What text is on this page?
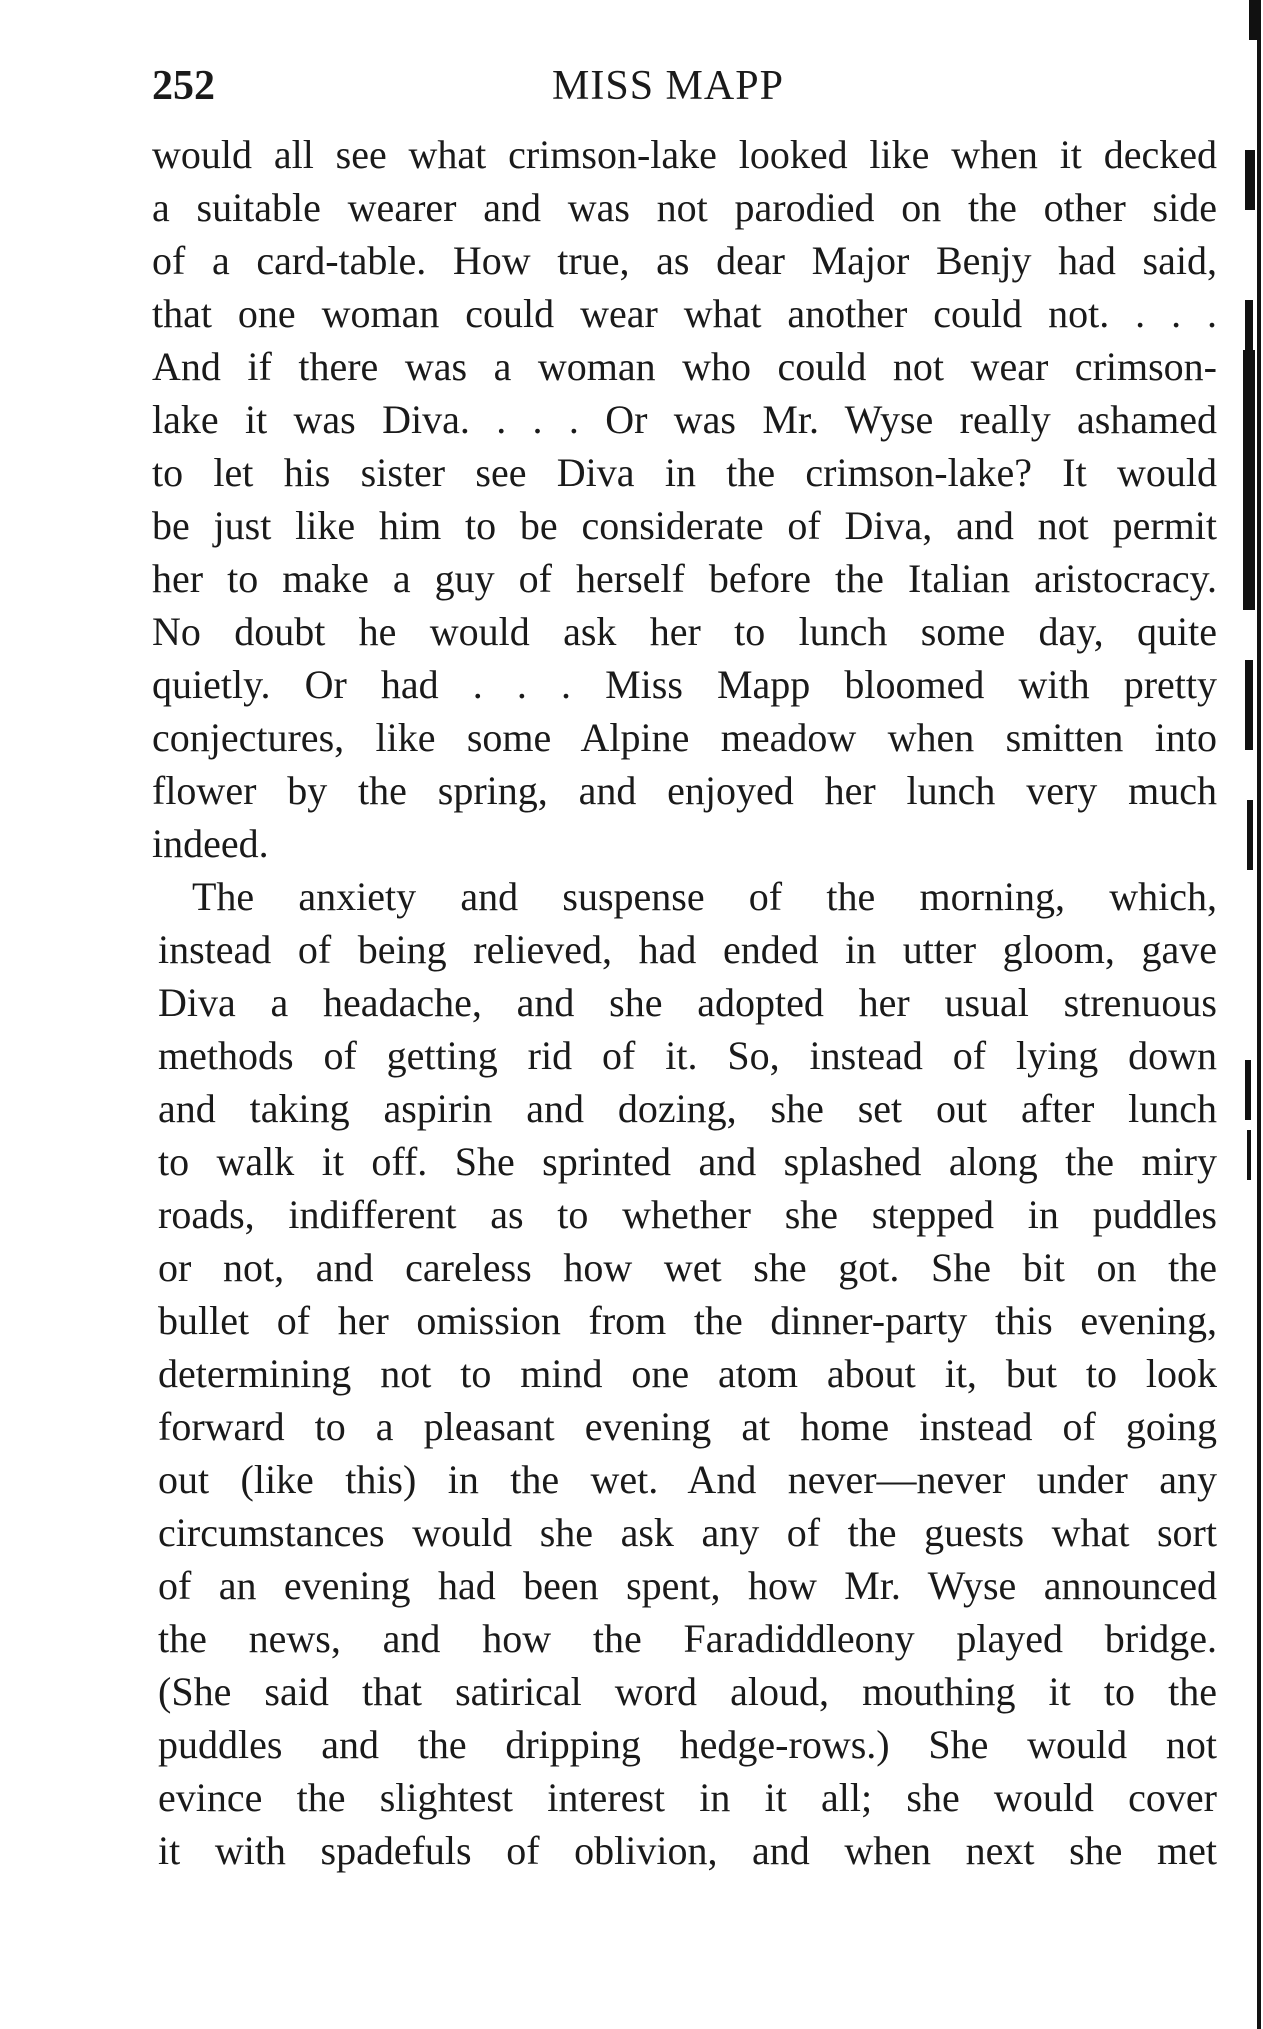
252	MISS MAPP
would all see what crimson-lake looked like when it decked
a suitable wearer and was not parodied on the other side
of a card-table. How true, as dear Major Benjy had said,
that one woman could wear what another could not. . . .
And if there was a woman who could not wear crimson-
lake it was Diva. . . . Or was Mr. Wyse really ashamed
to let his sister see Diva in the crimson-lake? It would
be just like him to be considerate of Diva, and not permit
her to make a guy of herself before the Italian aristocracy.
No doubt he would ask her to lunch some day, quite
quietly. Or had . . . Miss Mapp bloomed with pretty
conjectures, like some Alpine meadow when smitten into
flower by the spring, and enjoyed her lunch very much
indeed.
The anxiety and suspense of the morning, which,
instead of being relieved, had ended in utter gloom, gave
Diva a headache, and she adopted her usual strenuous
methods of getting rid of it. So, instead of lying down
and taking aspirin and dozing, she set out after lunch
to walk it off. She sprinted and splashed along the miry
roads, indifferent as to whether she stepped in puddles
or not, and careless how wet she got. She bit on the
bullet of her omission from the dinner-party this evening,
determining not to mind one atom about it, but to look
forward to a pleasant evening at home instead of going
out (like this) in the wet. And never—never under any
circumstances would she ask any of the guests what sort
of an evening had been spent, how Mr. Wyse announced
the news, and how the Faradiddleony played bridge.
(She said that satirical word aloud, mouthing it to the
puddles and the dripping hedge-rows.) She would not
evince the slightest interest in it all; she would cover
it with spadefuls of oblivion, and when next she met
